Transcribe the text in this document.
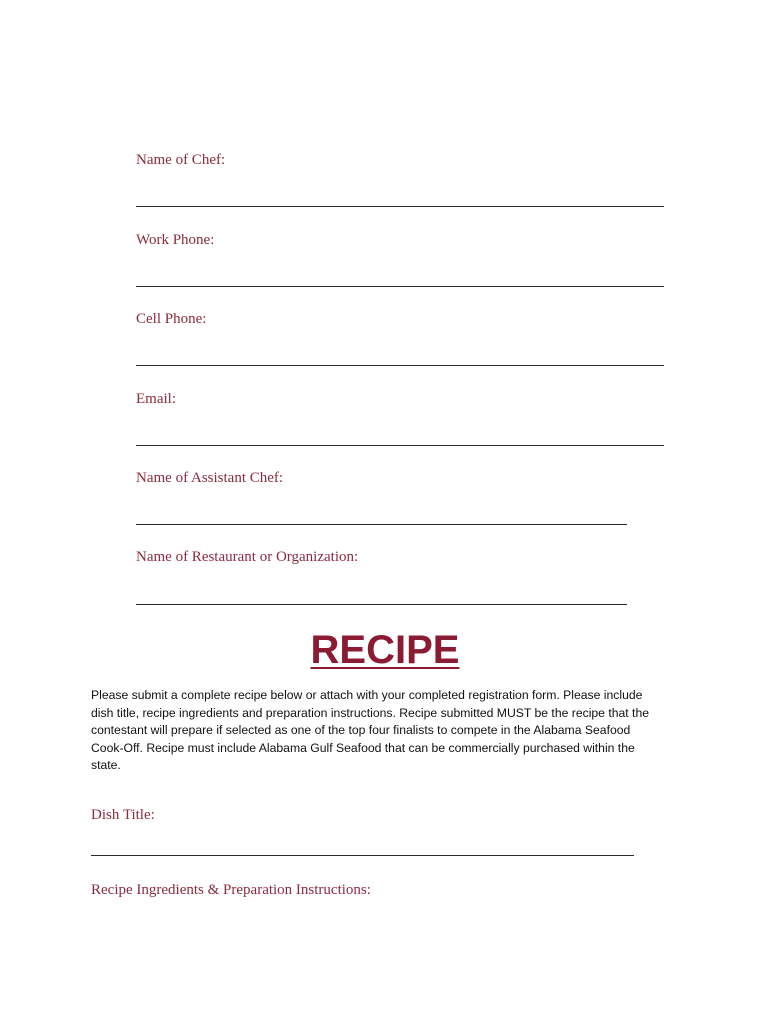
Name of Chef:
Work Phone:
Cell Phone:
Email:
Name of Assistant Chef:
Name of Restaurant or Organization:
RECIPE
Please submit a complete recipe below or attach with your completed registration form. Please include
dish title, recipe ingredients and preparation instructions. Recipe submitted MUST be the recipe that the
contestant will prepare if selected as one of the top four finalists to compete in the Alabama Seafood
Cook-Off. Recipe must include Alabama Gulf Seafood that can be commercially purchased within the
state.
Dish Title:
Recipe Ingredients & Preparation Instructions:
